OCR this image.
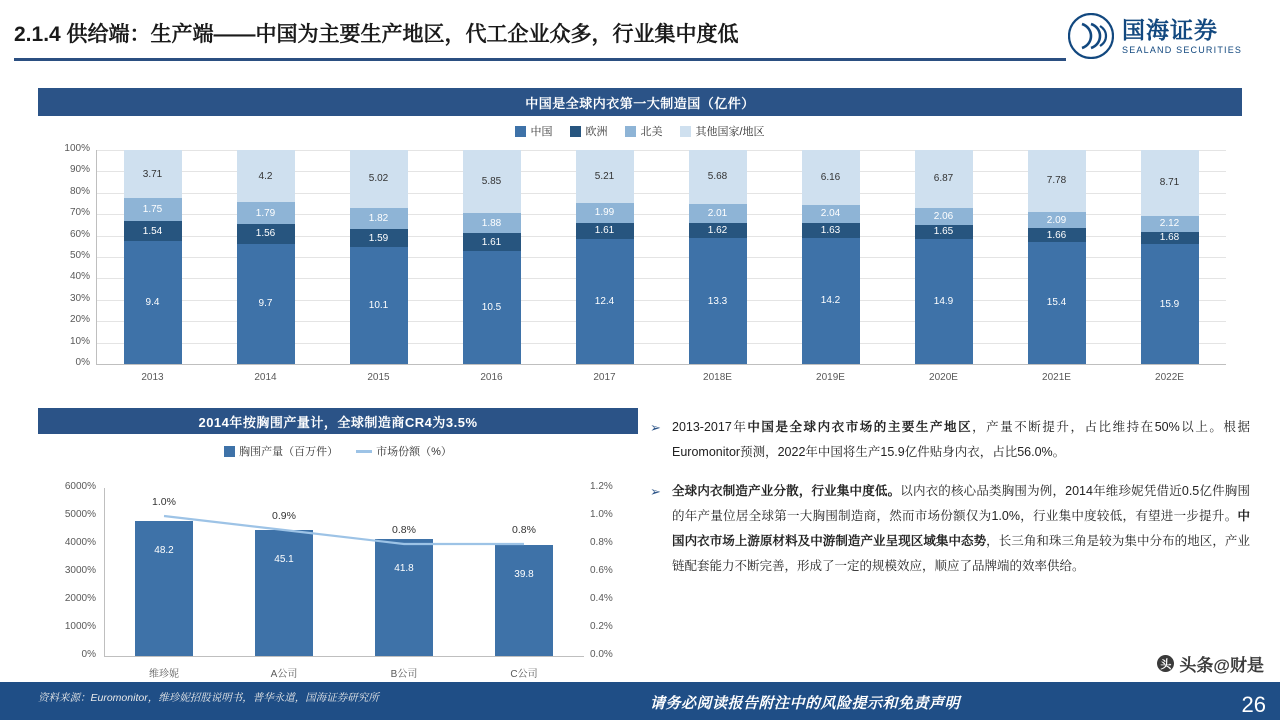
2.1.4 供给端：生产端——中国为主要生产地区，代工企业众多，行业集中度低	国海证券
SEALAND SECURITIES
中国是全球内衣第一大制造国（亿件）
中国	欧洲	北美	其他国家/地区
0%
10%
20%
30%
40%
50%
60%
70%
80%
90%
100%
9.4
1.54
1.75
3.71
2013
9.7
1.56
1.79
4.2
2014
10.1
1.59
1.82
5.02
2015
10.5
1.61
1.88
5.85
2016
12.4
1.61
1.99
5.21
2017
13.3
1.62
2.01
5.68
2018E
14.2
1.63
2.04
6.16
2019E
14.9
1.65
2.06
6.87
2020E
15.4
1.66
2.09
7.78
2021E
15.9
1.68
2.12
8.71
2022E
2014年按胸围产量计，全球制造商CR4为3.5%
胸围产量（百万件）	市场份额（%）
0%
1000%
2000%
3000%
4000%
5000%
6000%
0.0%
0.2%
0.4%
0.6%
0.8%
1.0%
1.2%
48.2
维珍妮
1.0%
45.1
A公司
0.9%
41.8
B公司
0.8%
39.8
C公司
0.8%
➢ 2013-2017年中国是全球内衣市场的主要生产地区，产量不断提升，占比维持在50%以上。根据Euromonitor预测，2022年中国将生产15.9亿件贴身内衣，占比56.0%。
➢ 全球内衣制造产业分散，行业集中度低。以内衣的核心品类胸围为例，2014年维珍妮凭借近0.5亿件胸围的年产量位居全球第一大胸围制造商，然而市场份额仅为1.0%，行业集中度较低，有望进一步提升。中国内衣市场上游原材料及中游制造产业呈现区域集中态势，长三角和珠三角是较为集中分布的地区，产业链配套能力不断完善，形成了一定的规模效应，顺应了品牌端的效率供给。
资料来源：Euromonitor，维珍妮招股说明书，普华永道，国海证券研究所	请务必阅读报告附注中的风险提示和免责声明	26
头 头条@财是
